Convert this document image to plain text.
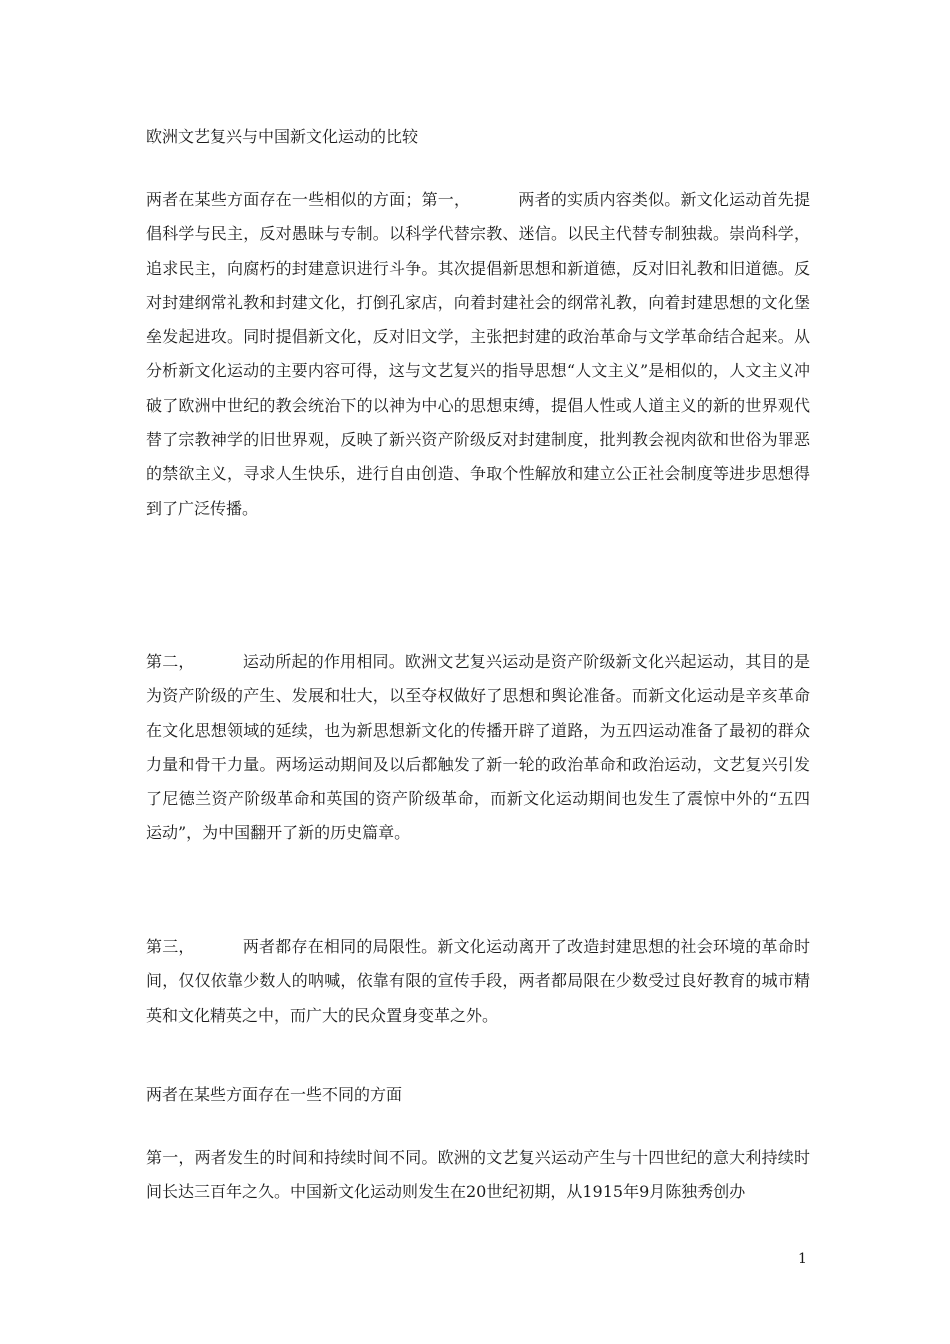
欧洲文艺复兴与中国新文化运动的比较

两者在某些方面存在一些相似的方面；第一，	两者的实质内容类似。新文化运动首先提倡科学与民主，反对愚昧与专制。以科学代替宗教、迷信。以民主代替专制独裁。崇尚科学，追求民主，向腐朽的封建意识进行斗争。其次提倡新思想和新道德，反对旧礼教和旧道德。反对封建纲常礼教和封建文化，打倒孔家店，向着封建社会的纲常礼教，向着封建思想的文化堡垒发起进攻。同时提倡新文化，反对旧文学，主张把封建的政治革命与文学革命结合起来。从分析新文化运动的主要内容可得，这与文艺复兴的指导思想“人文主义”是相似的，人文主义冲破了欧洲中世纪的教会统治下的以神为中心的思想束缚，提倡人性或人道主义的新的世界观代替了宗教神学的旧世界观，反映了新兴资产阶级反对封建制度，批判教会视肉欲和世俗为罪恶的禁欲主义，寻求人生快乐，进行自由创造、争取个性解放和建立公正社会制度等进步思想得到了广泛传播。

第二，	运动所起的作用相同。欧洲文艺复兴运动是资产阶级新文化兴起运动，其目的是为资产阶级的产生、发展和壮大，以至夺权做好了思想和舆论准备。而新文化运动是辛亥革命在文化思想领域的延续，也为新思想新文化的传播开辟了道路，为五四运动准备了最初的群众力量和骨干力量。两场运动期间及以后都触发了新一轮的政治革命和政治运动，文艺复兴引发了尼德兰资产阶级革命和英国的资产阶级革命，而新文化运动期间也发生了震惊中外的“五四运动”，为中国翻开了新的历史篇章。

第三，	两者都存在相同的局限性。新文化运动离开了改造封建思想的社会环境的革命时间，仅仅依靠少数人的呐喊，依靠有限的宣传手段，两者都局限在少数受过良好教育的城市精英和文化精英之中，而广大的民众置身变革之外。

两者在某些方面存在一些不同的方面

第一，两者发生的时间和持续时间不同。欧洲的文艺复兴运动产生与十四世纪的意大利持续时间长达三百年之久。中国新文化运动则发生在20世纪初期，从1915年9月陈独秀创办

1
